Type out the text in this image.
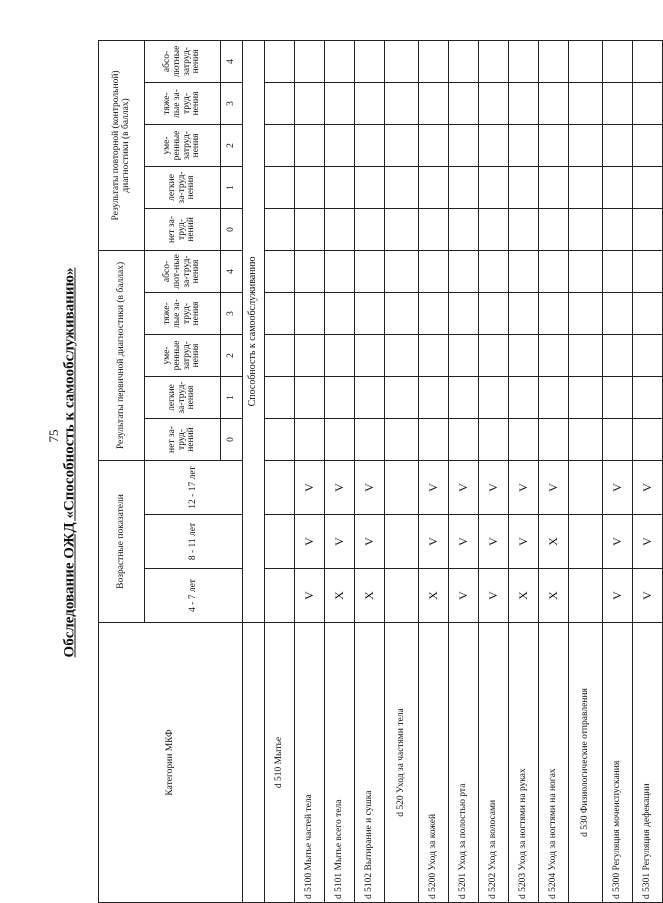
75 Обследование ОЖД «Способность к самообслуживанию»
Категории МКФ	Возрастные показатели			Результаты первичной диагностики (в баллах)					Результаты повторной (контрольной) диагностики (в баллах)				
	4 - 7 лет	8 - 11 лет	12 - 17 лет	нет за-труд-нений	легкие за-труд-нения	уме-ренные затруд-нения	тяже-лые за-труд-нения	абсо-лют-ные за-труд-нения	нет за-труд-нений	легкие за-труд-нения	уме-ренные затруд-нения	тяже-лые за-труд-нения	абсо-лютные затруд-нения
				0	1	2	3	4	0	1	2	3	4
	Способность к самообслуживанию												
d 510 Мытье													
d 5100 Мытье частей тела	V	V	V										
d 5101 Мытье всего тела	X	V	V										
d 5102 Вытирание и сушка	X	V	V										
d 520 Уход за частями тела													
d 5200 Уход за кожей	X	V	V										
d 5201 Уход за полостью рта	V	V	V										
d 5202 Уход за волосами	V	V	V										
d 5203 Уход за ногтями на руках	X	V	V										
d 5204 Уход за ногтями на ногах	X	X	V										
d 530 Физиологические отправления													
d 5300 Регуляция мочеиспускания	V	V	V										
d 5301 Регуляция дефекации	V	V	V										
